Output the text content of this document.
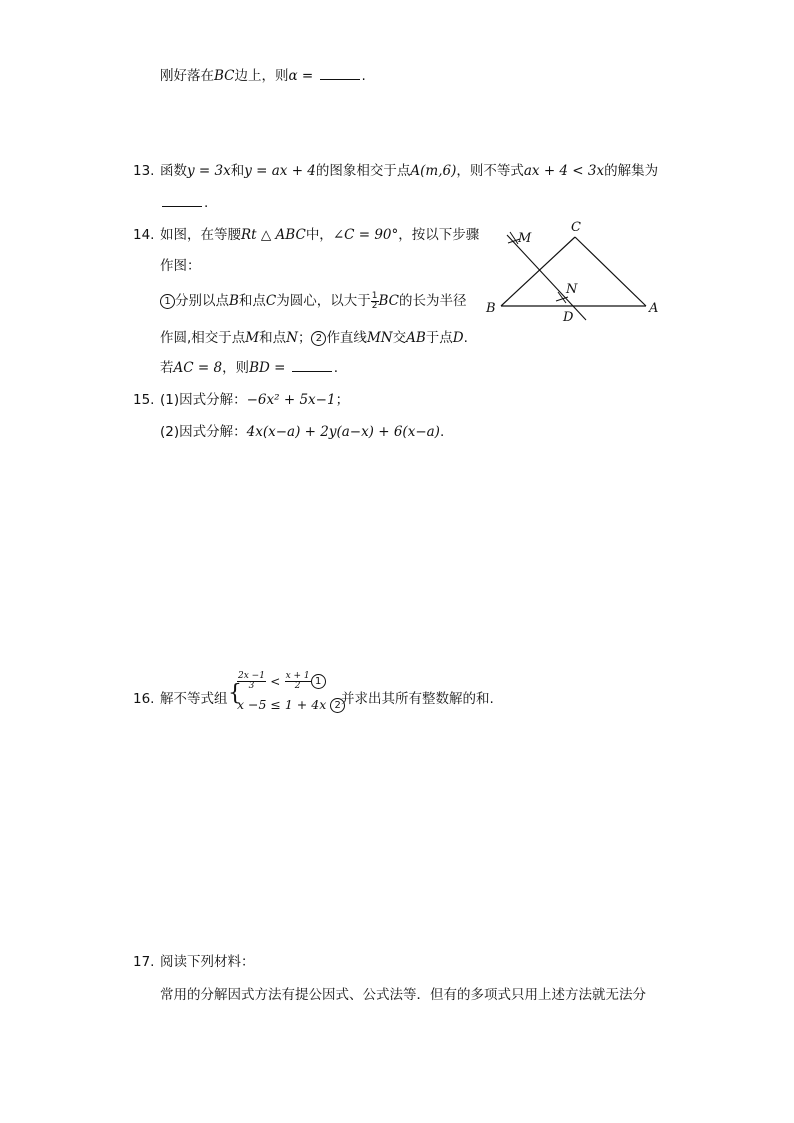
刚好落在BC边上，则α =	.
13. 函数y = 3x和y = ax + 4的图象相交于点A(m,6)，则不等式ax + 4 < 3x的解集为
.
14. 如图，在等腰Rt △ ABC中，∠C = 90°，按以下步骤
作图：
1 分别以点B和点C为圆心，以大于 $\frac{1}{2}$ BC的长为半径
作圆,相交于点M和点N； 2 作直线MN交AB于点D.
若AC = 8，则BD =	.
C
M
N
B	A
D
15. (1)因式分解：−6x² + 5x−1；
(2)因式分解：4x(x−a) + 2y(a−x) + 6(x−a).
16. 解不等式组 {
$\frac{2x -1}{3} < \frac{x + 1}{2} 1$
x −5 ≤ 1 + 4x 2 并求出其所有整数解的和.
17. 阅读下列材料：
常用的分解因式方法有提公因式、公式法等．但有的多项式只用上述方法就无法分
